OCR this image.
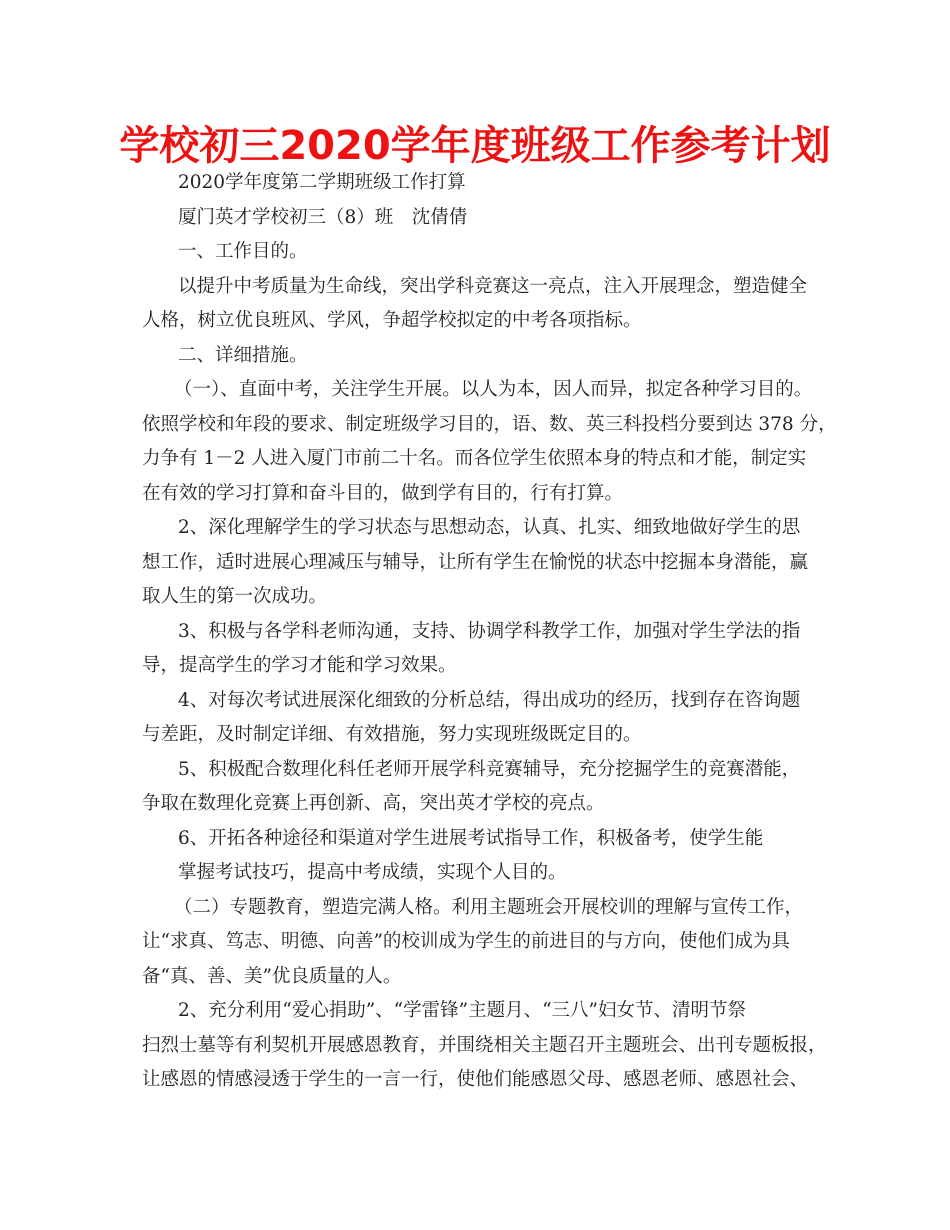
学校初三2020学年度班级工作参考计划
2020学年度第二学期班级工作打算
厦门英才学校初三（8）班　沈倩倩
一、工作目的。
以提升中考质量为生命线，突出学科竞赛这一亮点，注入开展理念，塑造健全
人格，树立优良班风、学风，争超学校拟定的中考各项指标。
二、详细措施。
（一）、直面中考，关注学生开展。以人为本，因人而异，拟定各种学习目的。
依照学校和年段的要求、制定班级学习目的，语、数、英三科投档分要到达 378 分，
力争有 1－2 人进入厦门市前二十名。而各位学生依照本身的特点和才能，制定实
在有效的学习打算和奋斗目的，做到学有目的，行有打算。
2、深化理解学生的学习状态与思想动态，认真、扎实、细致地做好学生的思
想工作，适时进展心理减压与辅导，让所有学生在愉悦的状态中挖掘本身潜能，赢
取人生的第一次成功。
3、积极与各学科老师沟通，支持、协调学科教学工作，加强对学生学法的指
导，提高学生的学习才能和学习效果。
4、对每次考试进展深化细致的分析总结，得出成功的经历，找到存在咨询题
与差距，及时制定详细、有效措施，努力实现班级既定目的。
5、积极配合数理化科任老师开展学科竞赛辅导，充分挖掘学生的竞赛潜能，
争取在数理化竞赛上再创新、高，突出英才学校的亮点。
6、开拓各种途径和渠道对学生进展考试指导工作，积极备考，使学生能
掌握考试技巧，提高中考成绩，实现个人目的。
（二）专题教育，塑造完满人格。利用主题班会开展校训的理解与宣传工作，
让“求真、笃志、明德、向善”的校训成为学生的前进目的与方向，使他们成为具
备“真、善、美”优良质量的人。
2、充分利用“爱心捐助”、“学雷锋”主题月、“三八”妇女节、清明节祭
扫烈士墓等有利契机开展感恩教育，并围绕相关主题召开主题班会、出刊专题板报，
让感恩的情感浸透于学生的一言一行，使他们能感恩父母、感恩老师、感恩社会、
